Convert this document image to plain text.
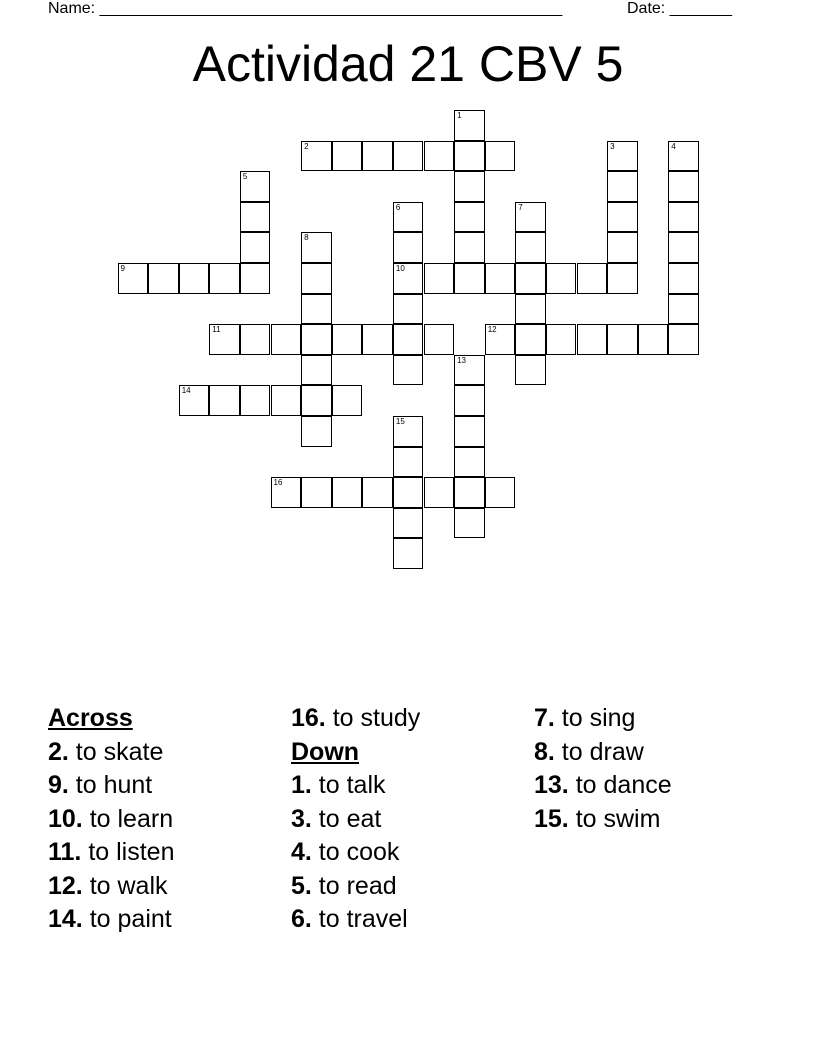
Name: ____________________________________________________	Date: _______
Actividad 21 CBV 5
1
2	3	4
5
6	7
8
9	10
11	12
13
14
15
16
Across
2. to skate
9. to hunt
10. to learn
11. to listen
12. to walk
14. to paint
16. to study
Down
1. to talk
3. to eat
4. to cook
5. to read
6. to travel
7. to sing
8. to draw
13. to dance
15. to swim
